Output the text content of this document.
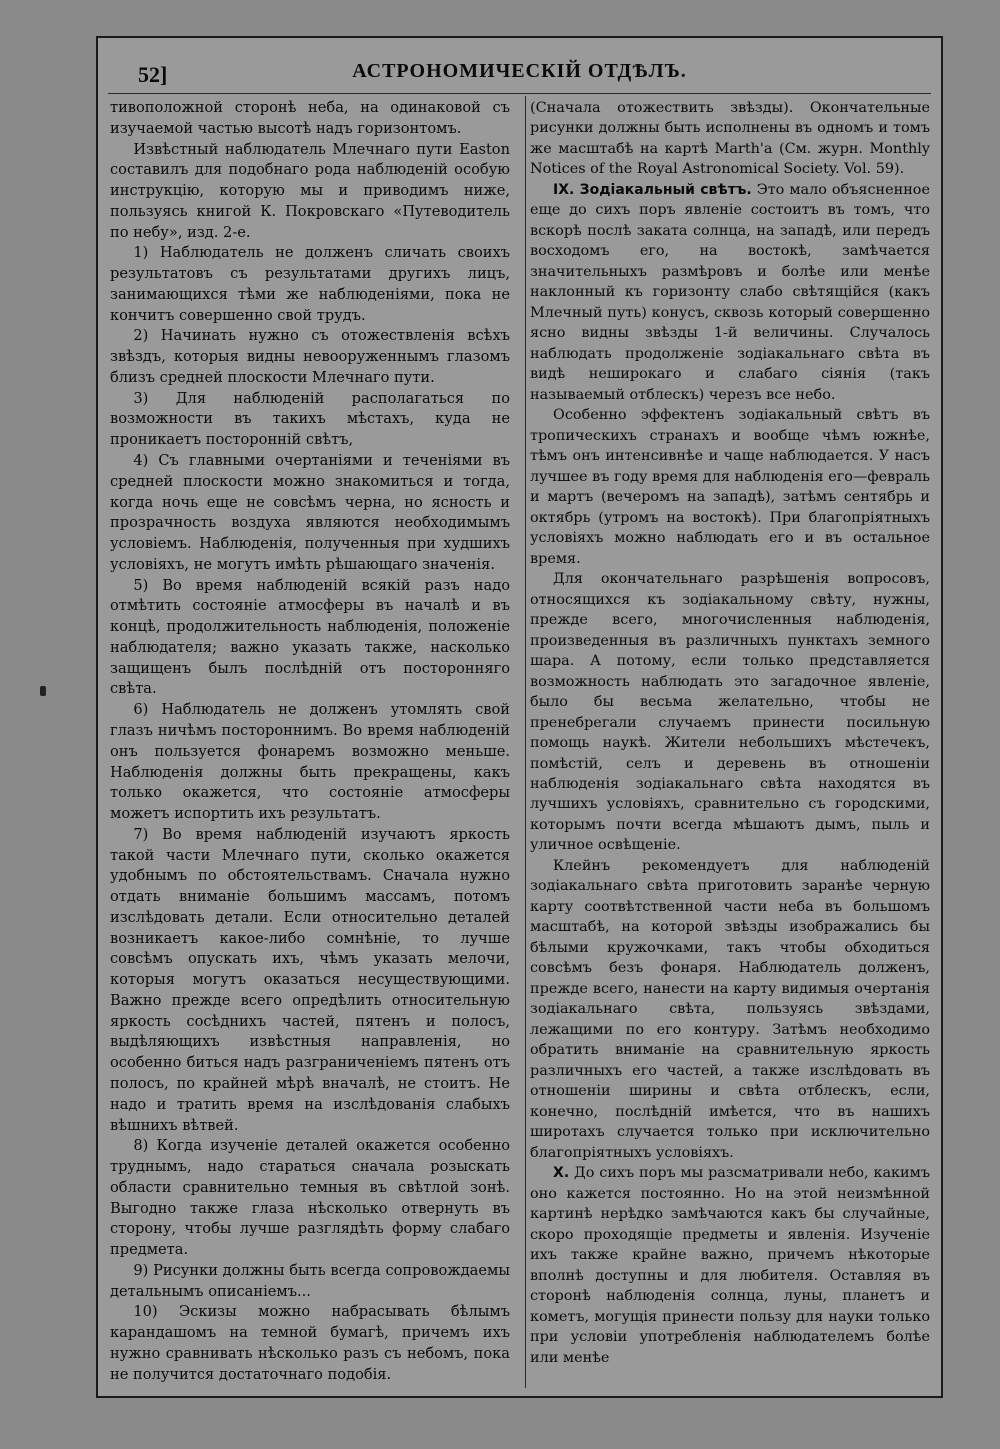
52]	АСТРОНОМИЧЕСКІЙ ОТДѢЛЪ.

тивоположной сторонѣ неба, на одинаковой съ изучаемой частью высотѣ надъ горизонтомъ.

Извѣстный наблюдатель Млечнаго пути Easton составилъ для подобнаго рода наблюденій особую инструкцію, которую мы и приводимъ ниже, пользуясь книгой К. Покровскаго «Путеводитель по небу», изд. 2-е.

1) Наблюдатель не долженъ сличать своихъ результатовъ съ результатами другихъ лицъ, занимающихся тѣми же наблюденіями, пока не кончитъ совершенно свой трудъ.

2) Начинать нужно съ отожествленія всѣхъ звѣздъ, которыя видны невооруженнымъ глазомъ близъ средней плоскости Млечнаго пути.

3) Для наблюденій располагаться по возможности въ такихъ мѣстахъ, куда не проникаетъ посторонній свѣтъ,

4) Съ главными очертаніями и теченіями въ средней плоскости можно знакомиться и тогда, когда ночь еще не совсѣмъ черна, но ясность и прозрачность воздуха являются необходимымъ условіемъ. Наблюденія, полученныя при худшихъ условіяхъ, не могутъ имѣть рѣшающаго значенія.

5) Во время наблюденій всякій разъ надо отмѣтить состояніе атмосферы въ началѣ и въ концѣ, продолжительность наблюденія, положеніе наблюдателя; важно указать также, насколько защищенъ былъ послѣдній отъ посторонняго свѣта.

6) Наблюдатель не долженъ утомлять свой глазъ ничѣмъ постороннимъ. Во время наблюденій онъ пользуется фонаремъ возможно меньше. Наблюденія должны быть прекращены, какъ только окажется, что состояніе атмосферы можетъ испортить ихъ результатъ.

7) Во время наблюденій изучаютъ яркость такой части Млечнаго пути, сколько окажется удобнымъ по обстоятельствамъ. Сначала нужно отдать вниманіе большимъ массамъ, потомъ изслѣдовать детали. Если относительно деталей возникаетъ какое-либо сомнѣніе, то лучше совсѣмъ опускать ихъ, чѣмъ указать мелочи, которыя могутъ оказаться несуществующими. Важно прежде всего опредѣлить относительную яркость сосѣднихъ частей, пятенъ и полосъ, выдѣляющихъ извѣстныя направленія, но особенно биться надъ разграниченіемъ пятенъ отъ полосъ, по крайней мѣрѣ вначалѣ, не стоитъ. Не надо и тратить время на изслѣдованія слабыхъ вѣшнихъ вѣтвей.

8) Когда изученіе деталей окажется особенно труднымъ, надо стараться сначала розыскать области сравнительно темныя въ свѣтлой зонѣ. Выгодно также глаза нѣсколько отвернуть въ сторону, чтобы лучше разглядѣть форму слабаго предмета.

9) Рисунки должны быть всегда сопровождаемы детальнымъ описаніемъ...

10) Эскизы можно набрасывать бѣлымъ карандашомъ на темной бумагѣ, причемъ ихъ нужно сравнивать нѣсколько разъ съ небомъ, пока не получится достаточнаго подобія.

(Сначала отожествить звѣзды). Окончательные рисунки должны быть исполнены въ одномъ и томъ же масштабѣ на картѣ Marth'a (См. журн. Monthly Notices of the Royal Astronomical Society. Vol. 59).

IX. Зодіакальный свѣтъ. Это мало объясненное еще до сихъ поръ явленіе состоитъ въ томъ, что вскорѣ послѣ заката солнца, на западѣ, или передъ восходомъ его, на востокѣ, замѣчается значительныхъ размѣровъ и болѣе или менѣе наклонный къ горизонту слабо свѣтящійся (какъ Млечный путь) конусъ, сквозь который совершенно ясно видны звѣзды 1-й величины. Случалось наблюдать продолженіе зодіакальнаго свѣта въ видѣ неширокаго и слабаго сіянія (такъ называемый отблескъ) черезъ все небо.

Особенно эффектенъ зодіакальный свѣтъ въ тропическихъ странахъ и вообще чѣмъ южнѣе, тѣмъ онъ интенсивнѣе и чаще наблюдается. У насъ лучшее въ году время для наблюденія его—февраль и мартъ (вечеромъ на западѣ), затѣмъ сентябрь и октябрь (утромъ на востокѣ). При благопріятныхъ условіяхъ можно наблюдать его и въ остальное время.

Для окончательнаго разрѣшенія вопросовъ, относящихся къ зодіакальному свѣту, нужны, прежде всего, многочисленныя наблюденія, произведенныя въ различныхъ пунктахъ земного шара. А потому, если только представляется возможность наблюдать это загадочное явленіе, было бы весьма желательно, чтобы не пренебрегали случаемъ принести посильную помощь наукѣ. Жители небольшихъ мѣстечекъ, помѣстій, селъ и деревень въ отношеніи наблюденія зодіакальнаго свѣта находятся въ лучшихъ условіяхъ, сравнительно съ городскими, которымъ почти всегда мѣшаютъ дымъ, пыль и уличное освѣщеніе.

Клейнъ рекомендуетъ для наблюденій зодіакальнаго свѣта приготовить заранѣе черную карту соотвѣтственной части неба въ большомъ масштабѣ, на которой звѣзды изображались бы бѣлыми кружочками, такъ чтобы обходиться совсѣмъ безъ фонаря. Наблюдатель долженъ, прежде всего, нанести на карту видимыя очертанія зодіакальнаго свѣта, пользуясь звѣздами, лежащими по его контуру. Затѣмъ необходимо обратить вниманіе на сравнительную яркость различныхъ его частей, а также изслѣдовать въ отношеніи ширины и свѣта отблескъ, если, конечно, послѣдній имѣется, что въ нашихъ широтахъ случается только при исключительно благопріятныхъ условіяхъ.

X. До сихъ поръ мы разсматривали небо, какимъ оно кажется постоянно. Но на этой неизмѣнной картинѣ нерѣдко замѣчаются какъ бы случайные, скоро проходящіе предметы и явленія. Изученіе ихъ также крайне важно, причемъ нѣкоторые вполнѣ доступны и для любителя. Оставляя въ сторонѣ наблюденія солнца, луны, планетъ и кометъ, могущія принести пользу для науки только при условіи употребленія наблюдателемъ болѣе или менѣе
